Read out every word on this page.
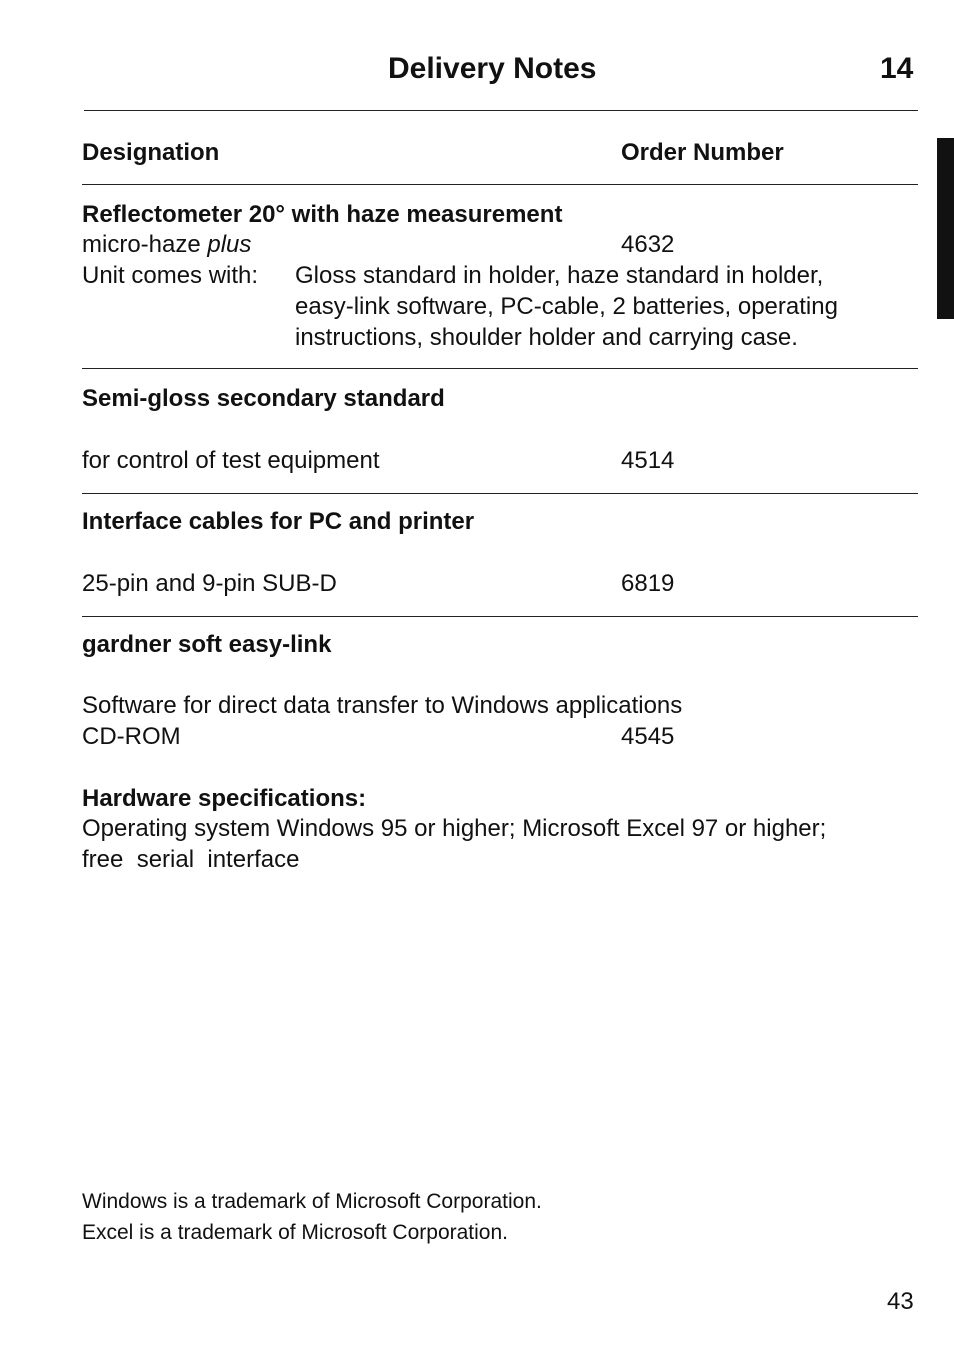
Delivery Notes	14
Designation	Order Number
Reflectometer 20° with haze measurement
micro-haze plus	4632
Unit comes with: Gloss standard in holder, haze standard in holder,
easy-link software, PC-cable, 2 batteries, operating
instructions, shoulder holder and carrying case.
Semi-gloss secondary standard
for control of test equipment	4514
Interface cables for PC and printer
25-pin and 9-pin SUB-D	6819
gardner soft easy-link
Software for direct data transfer to Windows applications
CD-ROM	4545
Hardware specifications:
Operating system Windows 95 or higher; Microsoft Excel 97 or higher;
free  serial  interface
Windows is a trademark of Microsoft Corporation.
Excel is a trademark of Microsoft Corporation.
43
